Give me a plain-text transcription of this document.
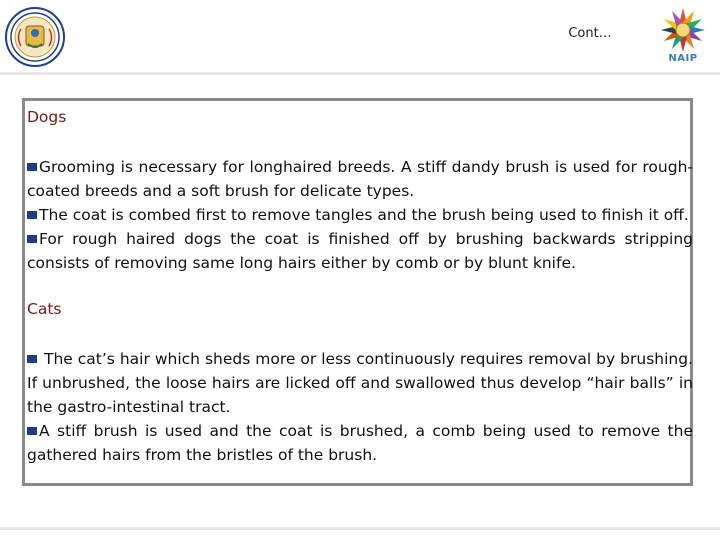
Cont…
NAIP

Dogs

Grooming is necessary for longhaired breeds. A stiff dandy brush is used for rough-coated breeds and a soft brush for delicate types.

The coat is combed first to remove tangles and the brush being used to finish it off.

For rough haired dogs the coat is finished off by brushing backwards stripping consists of removing same long hairs either by comb or by blunt knife.

Cats

The cat’s hair which sheds more or less continuously requires removal by brushing. If unbrushed, the loose hairs are licked off and swallowed thus develop “hair balls” in the gastro-intestinal tract.

A stiff brush is used and the coat is brushed, a comb being used to remove the gathered hairs from the bristles of the brush.
